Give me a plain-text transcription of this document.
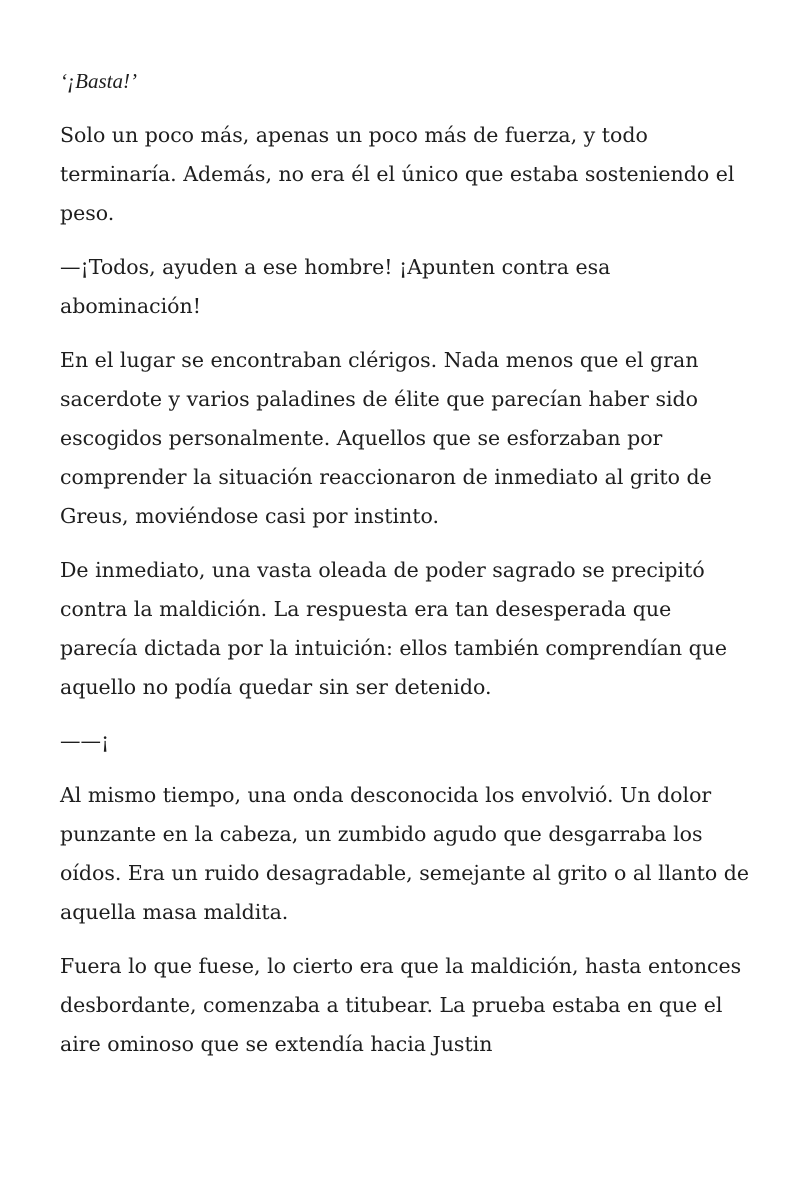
‘¡Basta!’

Solo un poco más, apenas un poco más de fuerza, y todo terminaría. Además, no era él el único que estaba sosteniendo el peso.

—¡Todos, ayuden a ese hombre! ¡Apunten contra esa abominación!

En el lugar se encontraban clérigos. Nada menos que el gran sacerdote y varios paladines de élite que parecían haber sido escogidos personalmente. Aquellos que se esforzaban por comprender la situación reaccionaron de inmediato al grito de Greus, moviéndose casi por instinto.

De inmediato, una vasta oleada de poder sagrado se precipitó contra la maldición. La respuesta era tan desesperada que parecía dictada por la intuición: ellos también comprendían que aquello no podía quedar sin ser detenido.

——¡

Al mismo tiempo, una onda desconocida los envolvió. Un dolor punzante en la cabeza, un zumbido agudo que desgarraba los oídos. Era un ruido desagradable, semejante al grito o al llanto de aquella masa maldita.

Fuera lo que fuese, lo cierto era que la maldición, hasta entonces desbordante, comenzaba a titubear. La prueba estaba en que el aire ominoso que se extendía hacia Justin
